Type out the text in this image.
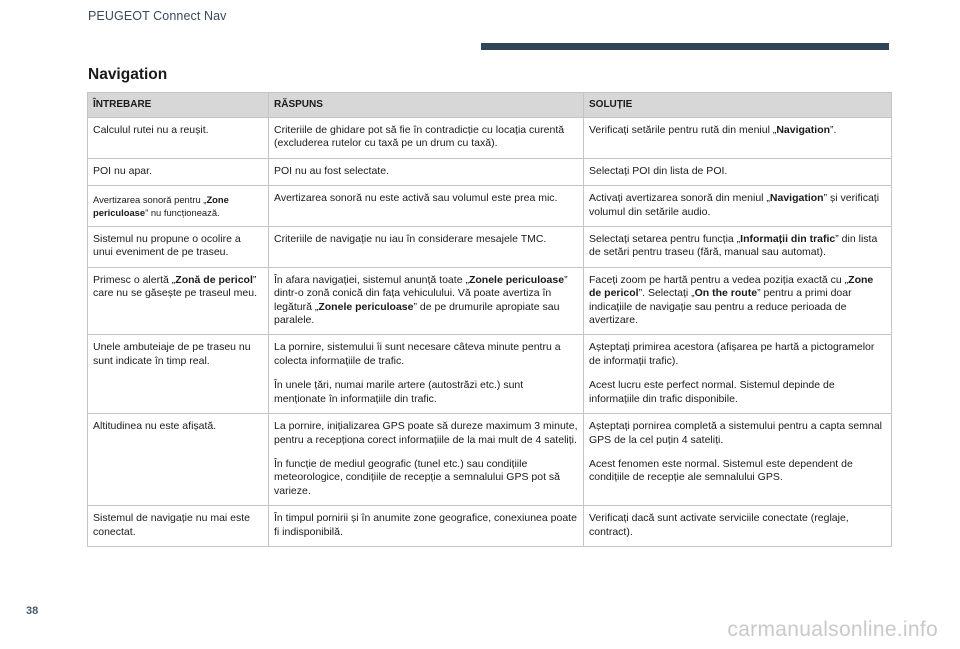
PEUGEOT Connect Nav
Navigation
ÎNTREBARE	RĂSPUNS	SOLUȚIE
Calculul rutei nu a reușit.	Criteriile de ghidare pot să fie în contradicție cu locația curentă (excluderea rutelor cu taxă pe un drum cu taxă).	Verificați setările pentru rută din meniul „Navigation”.
POI nu apar.	POI nu au fost selectate.	Selectați POI din lista de POI.
Avertizarea sonoră pentru „Zone periculoase” nu funcționează.	Avertizarea sonoră nu este activă sau volumul este prea mic.	Activați avertizarea sonoră din meniul „Navigation” și verificați volumul din setările audio.
Sistemul nu propune o ocolire a unui eveniment de pe traseu.	Criteriile de navigație nu iau în considerare mesajele TMC.	Selectați setarea pentru funcția „Informații din trafic” din lista de setări pentru traseu (fără, manual sau automat).
Primesc o alertă „Zonă de pericol” care nu se găsește pe traseul meu.	În afara navigației, sistemul anunță toate „Zonele periculoase” dintr-o zonă conică din fața vehiculului. Vă poate avertiza în legătură „Zonele periculoase” de pe drumurile apropiate sau paralele.	Faceți zoom pe hartă pentru a vedea poziția exactă cu „Zone de pericol”. Selectați „On the route” pentru a primi doar indicațiile de navigație sau pentru a reduce perioada de avertizare.
Unele ambuteiaje de pe traseu nu sunt indicate în timp real.	La pornire, sistemului îi sunt necesare câteva minute pentru a colecta informațiile de trafic.	Așteptați primirea acestora (afișarea pe hartă a pictogramelor de informații trafic).
	În unele țări, numai marile artere (autostrăzi etc.) sunt menționate în informațiile din trafic.	Acest lucru este perfect normal. Sistemul depinde de informațiile din trafic disponibile.
Altitudinea nu este afișată.	La pornire, inițializarea GPS poate să dureze maximum 3 minute, pentru a recepționa corect informațiile de la mai mult de 4 sateliți.	Așteptați pornirea completă a sistemului pentru a capta semnal GPS de la cel puțin 4 sateliți.
	În funcție de mediul geografic (tunel etc.) sau condițiile meteorologice, condițiile de recepție a semnalului GPS pot să varieze.	Acest fenomen este normal. Sistemul este dependent de condițiile de recepție ale semnalului GPS.
Sistemul de navigație nu mai este conectat.	În timpul pornirii și în anumite zone geografice, conexiunea poate fi indisponibilă.	Verificați dacă sunt activate serviciile conectate (reglaje, contract).
38
carmanualsonline.info
